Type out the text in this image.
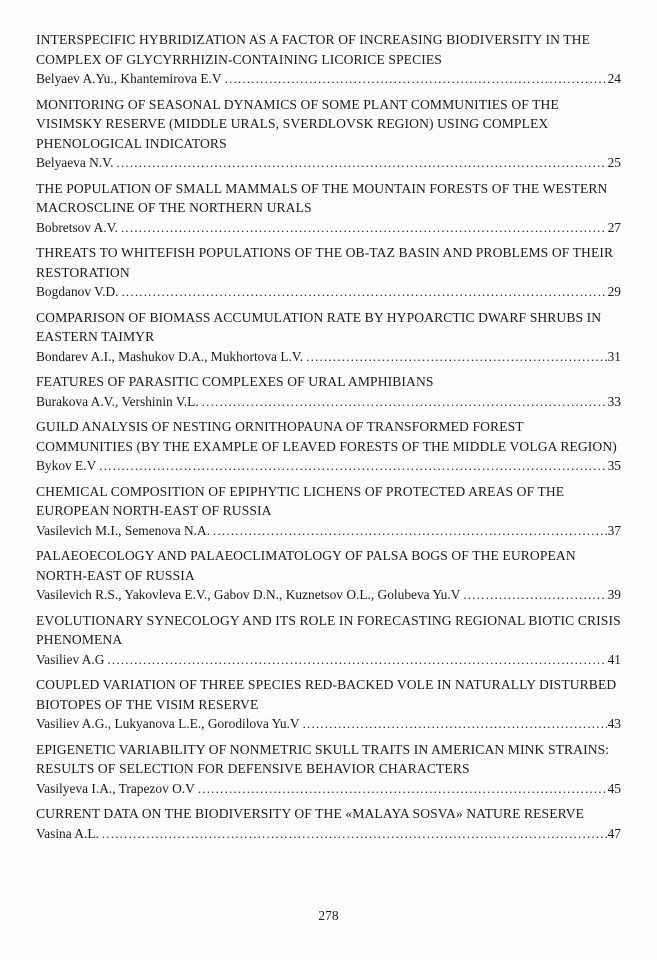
INTERSPECIFIC HYBRIDIZATION AS A FACTOR OF INCREASING BIODIVERSITY IN THE COMPLEX OF GLYCYRRHIZIN-CONTAINING LICORICE SPECIES
Belyaev A.Yu., Khantemirova E.V .....	24
MONITORING OF SEASONAL DYNAMICS OF SOME PLANT COMMUNITIES OF THE VISIMSKY RESERVE (MIDDLE URALS, SVERDLOVSK REGION) USING COMPLEX PHENOLOGICAL INDICATORS
Belyaeva N.V. .....	25
THE POPULATION OF SMALL MAMMALS OF THE MOUNTAIN FORESTS OF THE WESTERN MACROSCLINE OF THE NORTHERN URALS
Bobretsov A.V. .....	27
THREATS TO WHITEFISH POPULATIONS OF THE OB-TAZ BASIN AND PROBLEMS OF THEIR RESTORATION
Bogdanov V.D. .....	29
COMPARISON OF BIOMASS ACCUMULATION RATE BY HYPOARCTIC DWARF SHRUBS IN EASTERN TAIMYR
Bondarev A.I., Mashukov D.A., Mukhortova L.V. .....	31
FEATURES OF PARASITIC COMPLEXES OF URAL AMPHIBIANS
Burakova A.V., Vershinin V.L. .....	33
GUILD ANALYSIS OF NESTING ORNITHOPAUNA OF TRANSFORMED FOREST COMMUNITIES (BY THE EXAMPLE OF LEAVED FORESTS OF THE MIDDLE VOLGA REGION)
Bykov E.V .....	35
CHEMICAL COMPOSITION OF EPIPHYTIC LICHENS OF PROTECTED AREAS OF THE EUROPEAN NORTH-EAST OF RUSSIA
Vasilevich M.I., Semenova N.A. .....	37
PALAEOECOLOGY AND PALAEOCLIMATOLOGY OF PALSA BOGS OF THE EUROPEAN NORTH-EAST OF RUSSIA
Vasilevich R.S., Yakovleva E.V., Gabov D.N., Kuznetsov O.L., Golubeva Yu.V .....	39
EVOLUTIONARY SYNECOLOGY AND ITS ROLE IN FORECASTING REGIONAL BIOTIC CRISIS PHENOMENA
Vasiliev A.G .....	41
COUPLED VARIATION OF THREE SPECIES RED-BACKED VOLE IN NATURALLY DISTURBED BIOTOPES OF THE VISIM RESERVE
Vasiliev A.G., Lukyanova L.E., Gorodilova Yu.V .....	43
EPIGENETIC VARIABILITY OF NONMETRIC SKULL TRAITS IN AMERICAN MINK STRAINS: RESULTS OF SELECTION FOR DEFENSIVE BEHAVIOR CHARACTERS
Vasilyeva I.A., Trapezov O.V .....	45
CURRENT DATA ON THE BIODIVERSITY OF THE «MALAYA SOSVA» NATURE RESERVE
Vasina A.L. .....	47
278
